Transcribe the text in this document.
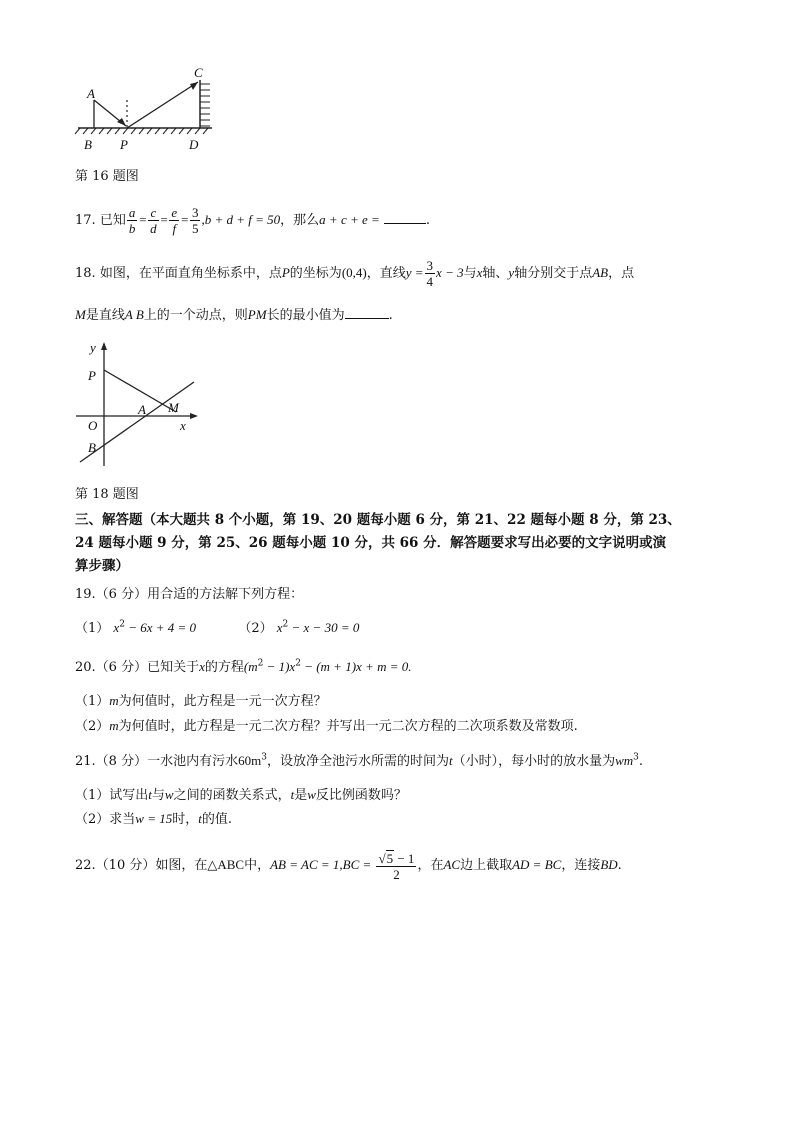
A
B P
C
D
第 16 题图
17. 已知 $\frac{a}{b} = \frac{c}{d} = \frac{e}{f} = \frac{3}{5} ,b + d + f = 50$，那么a + c + e =	.
18. 如图，在平面直角坐标系中，点P的坐标为(0,4)，直线$y = \frac{3}{4}$ x − 3与x轴、y轴分别交于点AB，点
M是直线A B上的一个动点，则PM长的最小值为	.
y
P
A M
O	x
B
第 18 题图
三、解答题（本大题共 8 个小题，第 19、20 题每小题 6 分，第 21、22 题每小题 8 分，第 23、
24 题每小题 9 分，第 25、26 题每小题 10 分，共 66 分．解答题要求写出必要的文字说明或演
算步骤）
19.（6 分）用合适的方法解下列方程：
（1） $x^2 - 6x + 4 = 0$	（2） $x^2 - x - 30 = 0$
20.（6 分）已知关于x的方程$(m^2 - 1)x^2 - (m + 1)x + m = 0$.
（1）m为何值时，此方程是一元一次方程？
（2）m为何值时，此方程是一元二次方程？并写出一元二次方程的二次项系数及常数项.
21.（8 分）一水池内有污水$60m^3$，设放净全池污水所需的时间为t（小时），每小时的放水量为$wm^3$.
（1）试写出t与w之间的函数关系式，t是w反比例函数吗？
（2）求当w = 15时，t的值.
22.（10 分）如图，在△ABC中，AB = AC = $1,BC = \frac{√5 - 1}{2}$ ，在AC边上截取AD = BC，连接BD.
